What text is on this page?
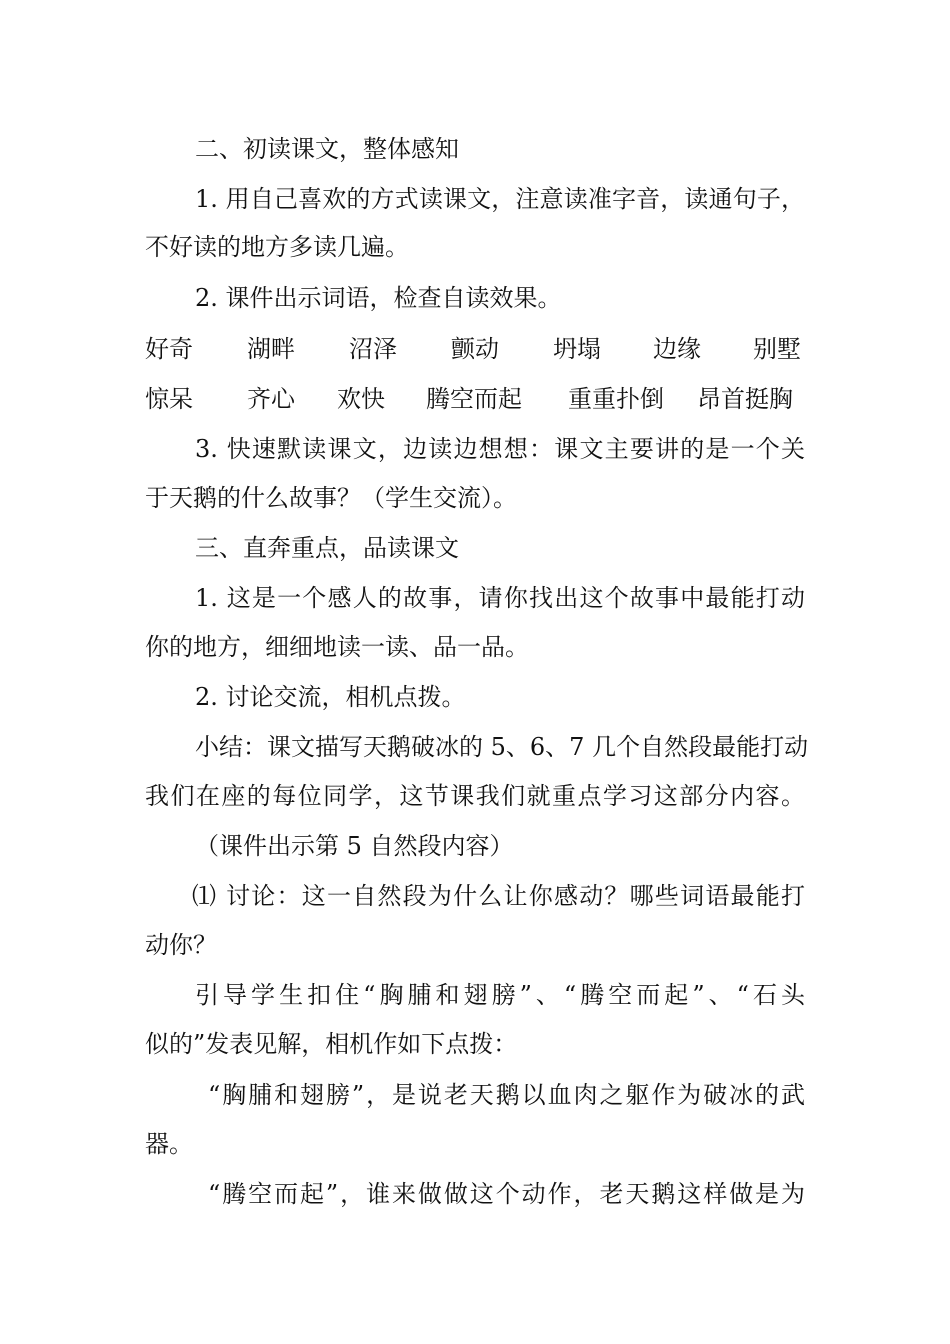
二、初读课文，整体感知
1. 用自己喜欢的方式读课文，注意读准字音，读通句子，
不好读的地方多读几遍。
2. 课件出示词语，检查自读效果。
好奇 湖畔 沼泽 颤动 坍塌 边缘 别墅
惊呆 齐心 欢快 腾空而起 重重扑倒 昂首挺胸
3. 快速默读课文，边读边想想：课文主要讲的是一个关
于天鹅的什么故事？（学生交流）。
三、直奔重点，品读课文
1. 这是一个感人的故事，请你找出这个故事中最能打动
你的地方，细细地读一读、品一品。
2. 讨论交流，相机点拨。
小结：课文描写天鹅破冰的 5、6、7 几个自然段最能打动
我们在座的每位同学，这节课我们就重点学习这部分内容。
（课件出示第 5 自然段内容）
⑴ 讨论：这一自然段为什么让你感动？哪些词语最能打
动你？
引导学生扣住“胸脯和翅膀”、“腾空而起”、“石头
似的”发表见解，相机作如下点拨：
“胸脯和翅膀”，是说老天鹅以血肉之躯作为破冰的武
器。
“腾空而起”，谁来做做这个动作，老天鹅这样做是为
